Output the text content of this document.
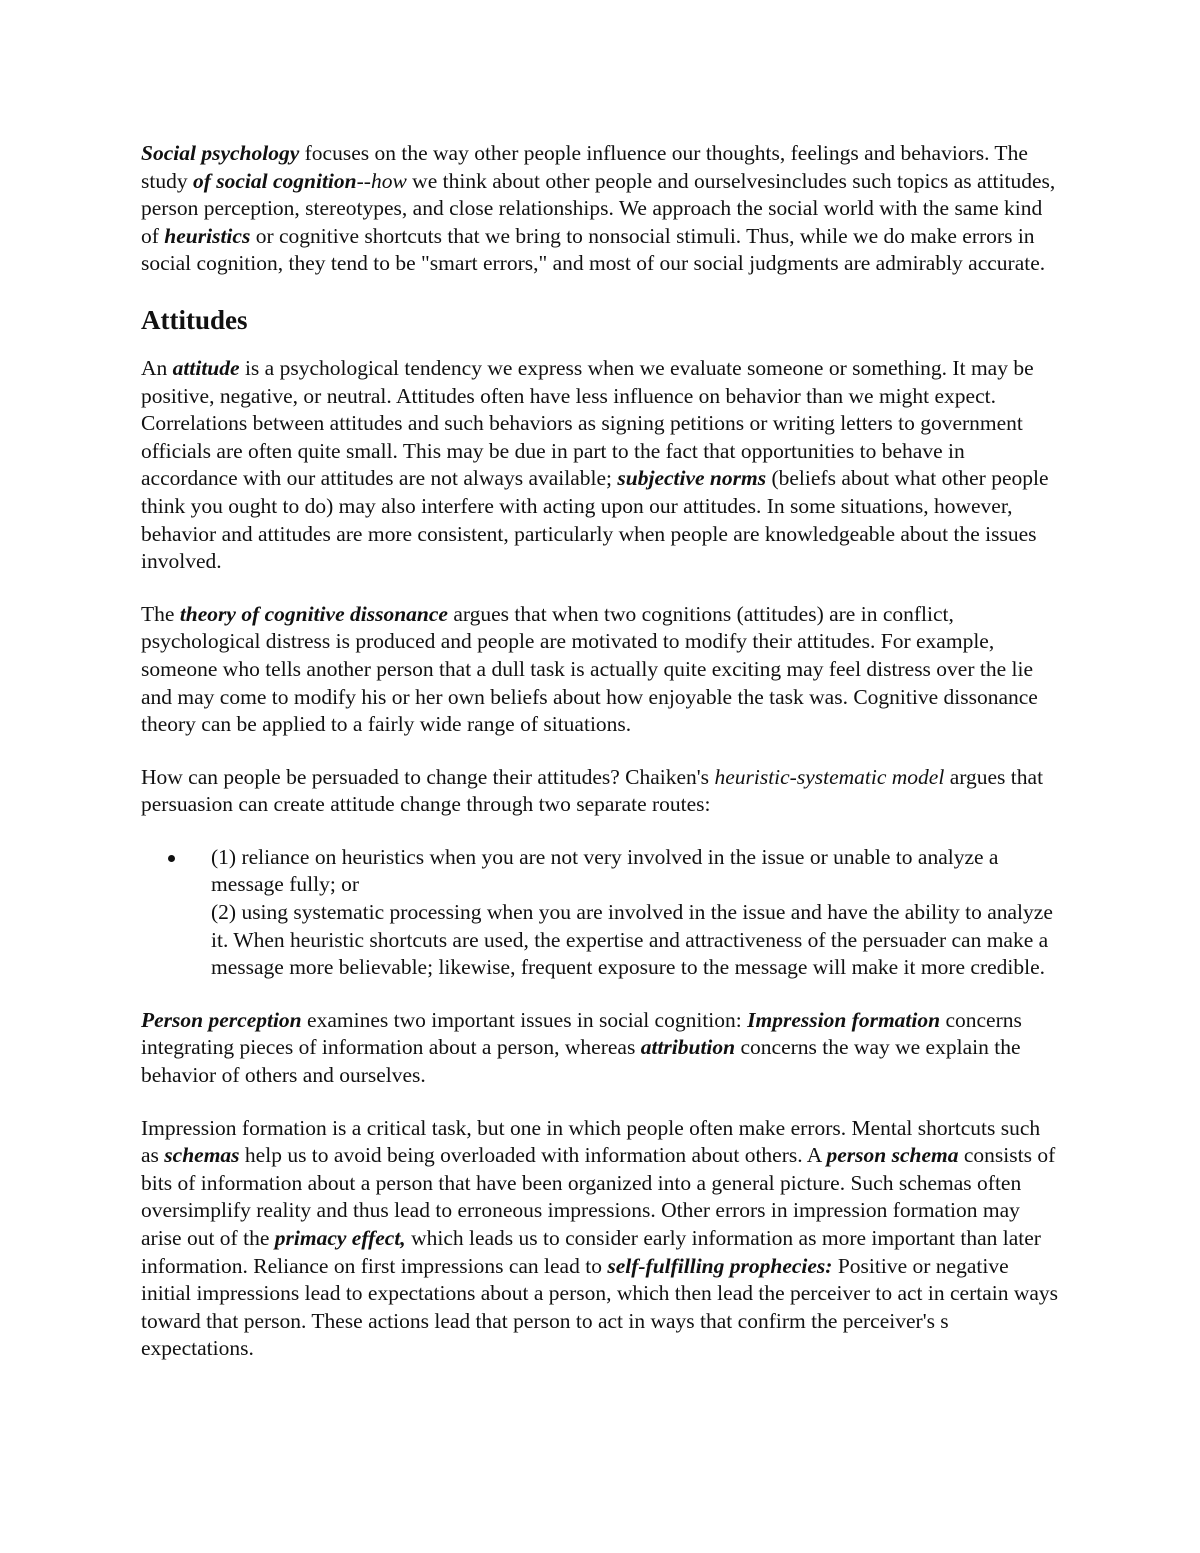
Social psychology focuses on the way other people influence our thoughts, feelings and behaviors. The study of social cognition--how we think about other people and ourselvesincludes such topics as attitudes, person perception, stereotypes, and close relationships. We approach the social world with the same kind of heuristics or cognitive shortcuts that we bring to nonsocial stimuli. Thus, while we do make errors in social cognition, they tend to be "smart errors," and most of our social judgments are admirably accurate.

Attitudes

An attitude is a psychological tendency we express when we evaluate someone or something. It may be positive, negative, or neutral. Attitudes often have less influence on behavior than we might expect. Correlations between attitudes and such behaviors as signing petitions or writing letters to government officials are often quite small. This may be due in part to the fact that opportunities to behave in accordance with our attitudes are not always available; subjective norms (beliefs about what other people think you ought to do) may also interfere with acting upon our attitudes. In some situations, however, behavior and attitudes are more consistent, particularly when people are knowledgeable about the issues involved.

The theory of cognitive dissonance argues that when two cognitions (attitudes) are in conflict, psychological distress is produced and people are motivated to modify their attitudes. For example, someone who tells another person that a dull task is actually quite exciting may feel distress over the lie and may come to modify his or her own beliefs about how enjoyable the task was. Cognitive dissonance theory can be applied to a fairly wide range of situations.

How can people be persuaded to change their attitudes? Chaiken's heuristic-systematic model argues that persuasion can create attitude change through two separate routes:

(1) reliance on heuristics when you are not very involved in the issue or unable to analyze a message fully; or
(2) using systematic processing when you are involved in the issue and have the ability to analyze it. When heuristic shortcuts are used, the expertise and attractiveness of the persuader can make a message more believable; likewise, frequent exposure to the message will make it more credible.

Person perception examines two important issues in social cognition: Impression formation concerns integrating pieces of information about a person, whereas attribution concerns the way we explain the behavior of others and ourselves.

Impression formation is a critical task, but one in which people often make errors. Mental shortcuts such as schemas help us to avoid being overloaded with information about others. A person schema consists of bits of information about a person that have been organized into a general picture. Such schemas often oversimplify reality and thus lead to erroneous impressions. Other errors in impression formation may arise out of the primacy effect, which leads us to consider early information as more important than later information. Reliance on first impressions can lead to self-fulfilling prophecies: Positive or negative initial impressions lead to expectations about a person, which then lead the perceiver to act in certain ways toward that person. These actions lead that person to act in ways that confirm the perceiver's s expectations.
